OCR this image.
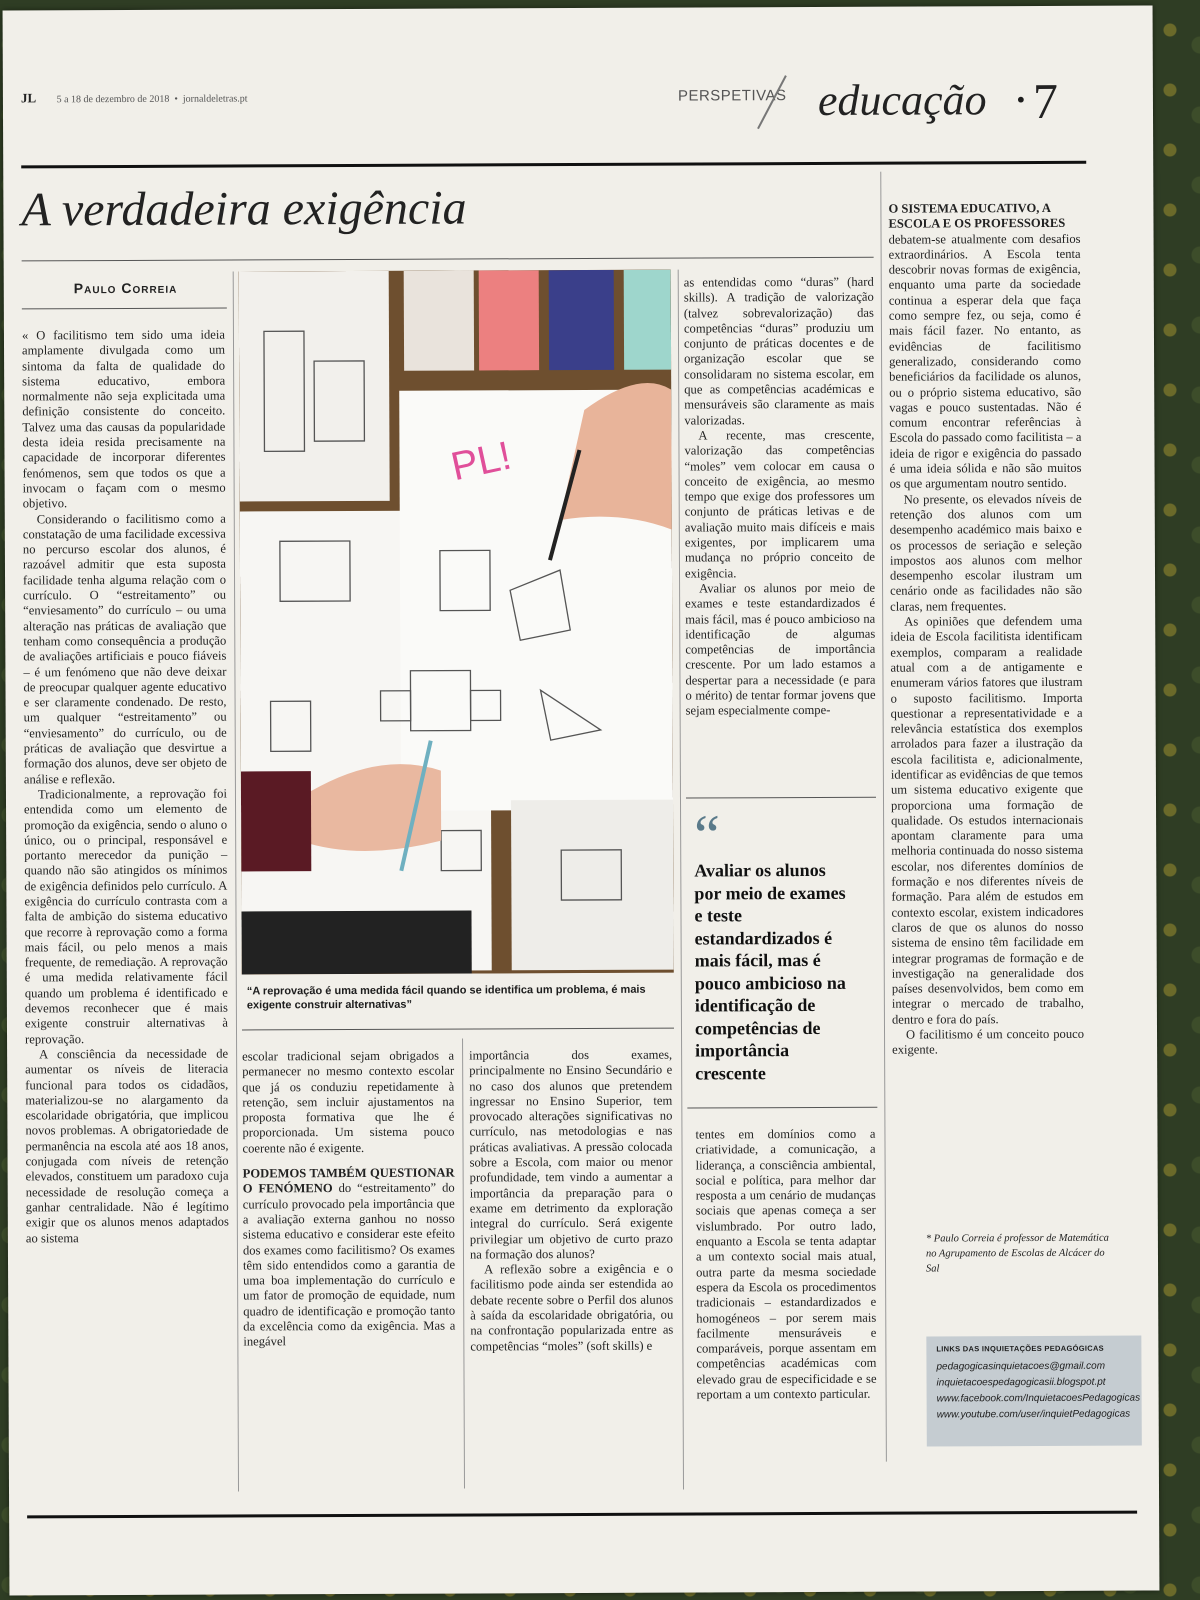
JL 5 a 18 de dezembro de 2018  •  jornaldeletras.pt	PERSPETIVAS educação • 7
A verdadeira exigência
Paulo Correia

« O facilitismo tem sido uma ideia amplamente divulgada como um sintoma da falta de qualidade do sistema educativo, embora normalmente não seja explicitada uma definição consistente do conceito. Talvez uma das causas da popularidade desta ideia resida precisamente na capacidade de incorporar diferentes fenómenos, sem que todos os que a invocam o façam com o mesmo objetivo.

Considerando o facilitismo como a constatação de uma facilidade excessiva no percurso escolar dos alunos, é razoável admitir que esta suposta facilidade tenha alguma relação com o currículo. O “estreitamento” ou “enviesamento” do currículo – ou uma alteração nas práticas de avaliação que tenham como consequência a produção de avaliações artificiais e pouco fiáveis – é um fenómeno que não deve deixar de preocupar qualquer agente educativo e ser claramente condenado. De resto, um qualquer “estreitamento” ou “enviesamento” do currículo, ou de práticas de avaliação que desvirtue a formação dos alunos, deve ser objeto de análise e reflexão.

Tradicionalmente, a reprovação foi entendida como um elemento de promoção da exigência, sendo o aluno o único, ou o principal, responsável e portanto merecedor da punição – quando não são atingidos os mínimos de exigência definidos pelo currículo. A exigência do currículo contrasta com a falta de ambição do sistema educativo que recorre à reprovação como a forma mais fácil, ou pelo menos a mais frequente, de remediação. A reprovação é uma medida relativamente fácil quando um problema é identificado e devemos reconhecer que é mais exigente construir alternativas à reprovação.

A consciência da necessidade de aumentar os níveis de literacia funcional para todos os cidadãos, materializou-se no alargamento da escolaridade obrigatória, que implicou novos problemas. A obrigatoriedade de permanência na escola até aos 18 anos, conjugada com níveis de retenção elevados, constituem um paradoxo cuja necessidade de resolução começa a ganhar centralidade. Não é legítimo exigir que os alunos menos adaptados ao sistema

PL!
“A reprovação é uma medida fácil quando se identifica um problema, é mais exigente construir alternativas”

escolar tradicional sejam obrigados a permanecer no mesmo contexto escolar que já os conduziu repetidamente à retenção, sem incluir ajustamentos na proposta formativa que lhe é proporcionada. Um sistema pouco coerente não é exigente.

PODEMOS TAMBÉM QUESTIONAR O FENÓMENO do “estreitamento” do currículo provocado pela importância que a avaliação externa ganhou no nosso sistema educativo e considerar este efeito dos exames como facilitismo? Os exames têm sido entendidos como a garantia de uma boa implementação do currículo e um fator de promoção de equidade, num quadro de identificação e promoção tanto da excelência como da exigência. Mas a inegável

importância dos exames, principalmente no Ensino Secundário e no caso dos alunos que pretendem ingressar no Ensino Superior, tem provocado alterações significativas no currículo, nas metodologias e nas práticas avaliativas. A pressão colocada sobre a Escola, com maior ou menor profundidade, tem vindo a aumentar a importância da preparação para o exame em detrimento da exploração integral do currículo. Será exigente privilegiar um objetivo de curto prazo na formação dos alunos?

A reflexão sobre a exigência e o facilitismo pode ainda ser estendida ao debate recente sobre o Perfil dos alunos à saída da escolaridade obrigatória, ou na confrontação popularizada entre as competências “moles” (soft skills) e

as entendidas como “duras” (hard skills). A tradição de valorização (talvez sobrevalorização) das competências “duras” produziu um conjunto de práticas docentes e de organização escolar que se consolidaram no sistema escolar, em que as competências académicas e mensuráveis são claramente as mais valorizadas.

A recente, mas crescente, valorização das competências “moles” vem colocar em causa o conceito de exigência, ao mesmo tempo que exige dos professores um conjunto de práticas letivas e de avaliação muito mais difíceis e mais exigentes, por implicarem uma mudança no próprio conceito de exigência.

Avaliar os alunos por meio de exames e teste estandardizados é mais fácil, mas é pouco ambicioso na identificação de algumas competências de importância crescente. Por um lado estamos a despertar para a necessidade (e para o mérito) de tentar formar jovens que sejam especialmente compe-

“
Avaliar os alunos por meio de exames e teste estandardizados é mais fácil, mas é pouco ambicioso na identificação de competências de importância crescente

tentes em domínios como a criatividade, a comunicação, a liderança, a consciência ambiental, social e política, para melhor dar resposta a um cenário de mudanças sociais que apenas começa a ser vislumbrado. Por outro lado, enquanto a Escola se tenta adaptar a um contexto social mais atual, outra parte da mesma sociedade espera da Escola os procedimentos tradicionais – estandardizados e homogéneos – por serem mais facilmente mensuráveis e comparáveis, porque assentam em competências académicas com elevado grau de especificidade e se reportam a um contexto particular.

O SISTEMA EDUCATIVO, A ESCOLA E OS PROFESSORES

debatem-se atualmente com desafios extraordinários. A Escola tenta descobrir novas formas de exigência, enquanto uma parte da sociedade continua a esperar dela que faça como sempre fez, ou seja, como é mais fácil fazer. No entanto, as evidências de facilitismo generalizado, considerando como beneficiários da facilidade os alunos, ou o próprio sistema educativo, são vagas e pouco sustentadas. Não é comum encontrar referências à Escola do passado como facilitista – a ideia de rigor e exigência do passado é uma ideia sólida e não são muitos os que argumentam noutro sentido.

No presente, os elevados níveis de retenção dos alunos com um desempenho académico mais baixo e os processos de seriação e seleção impostos aos alunos com melhor desempenho escolar ilustram um cenário onde as facilidades não são claras, nem frequentes.

As opiniões que defendem uma ideia de Escola facilitista identificam exemplos, comparam a realidade atual com a de antigamente e enumeram vários fatores que ilustram o suposto facilitismo. Importa questionar a representatividade e a relevância estatística dos exemplos arrolados para fazer a ilustração da escola facilitista e, adicionalmente, identificar as evidências de que temos um sistema educativo exigente que proporciona uma formação de qualidade. Os estudos internacionais apontam claramente para uma melhoria continuada do nosso sistema escolar, nos diferentes domínios de formação e nos diferentes níveis de formação. Para além de estudos em contexto escolar, existem indicadores claros de que os alunos do nosso sistema de ensino têm facilidade em integrar programas de formação e de investigação na generalidade dos países desenvolvidos, bem como em integrar o mercado de trabalho, dentro e fora do país.

O facilitismo é um conceito pouco exigente.

* Paulo Correia é professor de Matemática no Agrupamento de Escolas de Alcácer do Sal
LINKS DAS INQUIETAÇÕES PEDAGÓGICAS
pedagogicasinquietacoes@gmail.com
inquietacoespedagogicasii.blogspot.pt
www.facebook.com/InquietacoesPedagogicas
www.youtube.com/user/inquietPedagogicas
